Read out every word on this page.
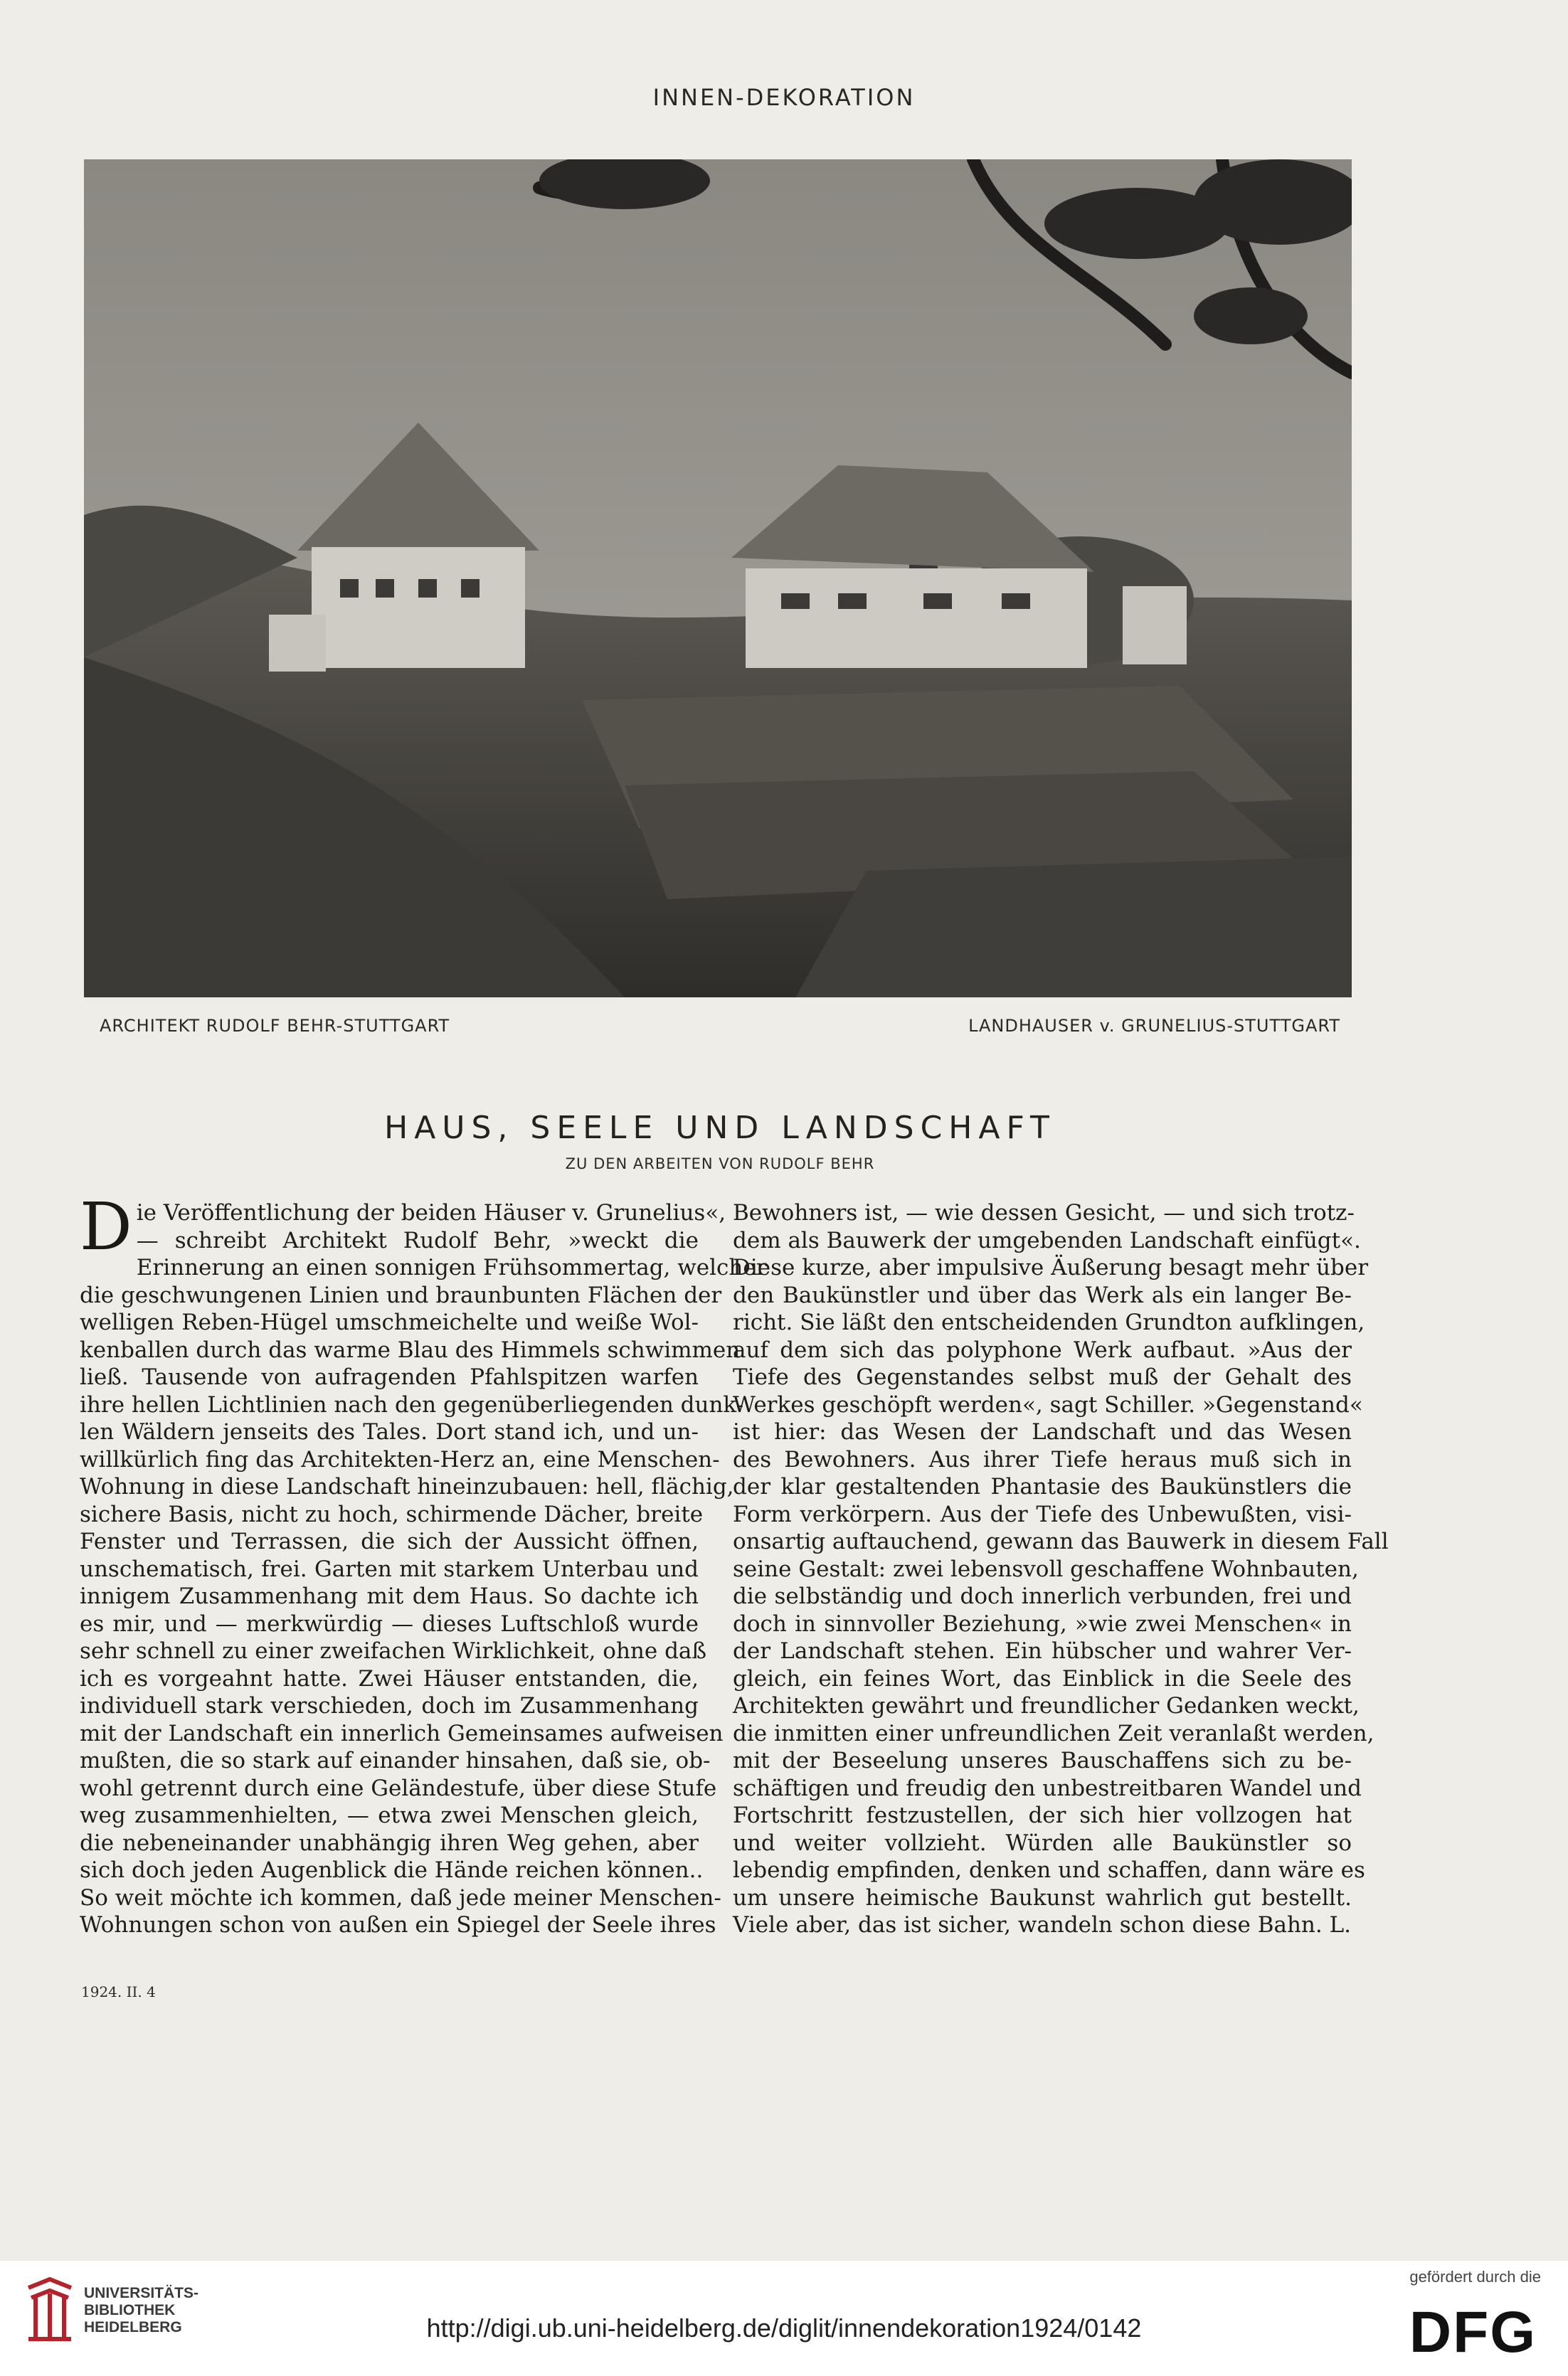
INNEN-DEKORATION
ARCHITEKT RUDOLF BEHR-STUTTGART	LANDHAUSER v. GRUNELIUS-STUTTGART
HAUS, SEELE UND LANDSCHAFT
ZU DEN ARBEITEN VON RUDOLF BEHR
D ie Veröffentlichung der beiden Häuser v. Grunelius«,
— schreibt Architekt Rudolf Behr, »weckt die
Erinnerung an einen sonnigen Frühsommertag, welcher
die geschwungenen Linien und braunbunten Flächen der
welligen Reben-Hügel umschmeichelte und weiße Wol-
kenballen durch das warme Blau des Himmels schwimmen
ließ. Tausende von aufragenden Pfahlspitzen warfen
ihre hellen Lichtlinien nach den gegenüberliegenden dunk-
len Wäldern jenseits des Tales. Dort stand ich, und un-
willkürlich fing das Architekten-Herz an, eine Menschen-
Wohnung in diese Landschaft hineinzubauen: hell, flächig,
sichere Basis, nicht zu hoch, schirmende Dächer, breite
Fenster und Terrassen, die sich der Aussicht öffnen,
unschematisch, frei. Garten mit starkem Unterbau und
innigem Zusammenhang mit dem Haus. So dachte ich
es mir, und — merkwürdig — dieses Luftschloß wurde
sehr schnell zu einer zweifachen Wirklichkeit, ohne daß
ich es vorgeahnt hatte. Zwei Häuser entstanden, die,
individuell stark verschieden, doch im Zusammenhang
mit der Landschaft ein innerlich Gemeinsames aufweisen
mußten, die so stark auf einander hinsahen, daß sie, ob-
wohl getrennt durch eine Geländestufe, über diese Stufe
weg zusammenhielten, — etwa zwei Menschen gleich,
die nebeneinander unabhängig ihren Weg gehen, aber
sich doch jeden Augenblick die Hände reichen können..
So weit möchte ich kommen, daß jede meiner Menschen-
Wohnungen schon von außen ein Spiegel der Seele ihres
Bewohners ist, — wie dessen Gesicht, — und sich trotz-
dem als Bauwerk der umgebenden Landschaft einfügt«.
Diese kurze, aber impulsive Äußerung besagt mehr über
den Baukünstler und über das Werk als ein langer Be-
richt. Sie läßt den entscheidenden Grundton aufklingen,
auf dem sich das polyphone Werk aufbaut. »Aus der
Tiefe des Gegenstandes selbst muß der Gehalt des
Werkes geschöpft werden«, sagt Schiller. »Gegenstand«
ist hier: das Wesen der Landschaft und das Wesen
des Bewohners. Aus ihrer Tiefe heraus muß sich in
der klar gestaltenden Phantasie des Baukünstlers die
Form verkörpern. Aus der Tiefe des Unbewußten, visi-
onsartig auftauchend, gewann das Bauwerk in diesem Fall
seine Gestalt: zwei lebensvoll geschaffene Wohnbauten,
die selbständig und doch innerlich verbunden, frei und
doch in sinnvoller Beziehung, »wie zwei Menschen« in
der Landschaft stehen. Ein hübscher und wahrer Ver-
gleich, ein feines Wort, das Einblick in die Seele des
Architekten gewährt und freundlicher Gedanken weckt,
die inmitten einer unfreundlichen Zeit veranlaßt werden,
mit der Beseelung unseres Bauschaffens sich zu be-
schäftigen und freudig den unbestreitbaren Wandel und
Fortschritt festzustellen, der sich hier vollzogen hat
und weiter vollzieht. Würden alle Baukünstler so
lebendig empfinden, denken und schaffen, dann wäre es
um unsere heimische Baukunst wahrlich gut bestellt.
Viele aber, das ist sicher, wandeln schon diese Bahn. L.
1924. II. 4
UNIVERSITÄTS-
BIBLIOTHEK
HEIDELBERG	http://digi.ub.uni-heidelberg.de/diglit/innendekoration1924/0142
gefördert durch die
DFG
